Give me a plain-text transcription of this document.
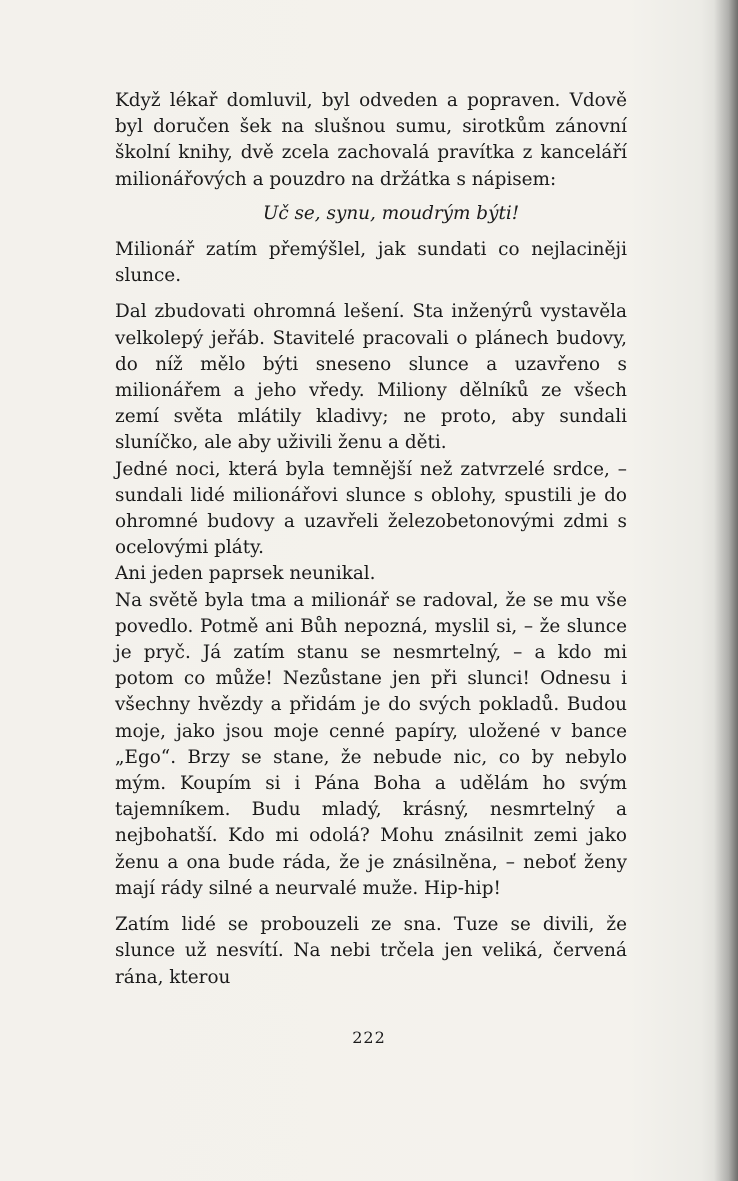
Když lékař domluvil, byl odveden a popraven. Vdově byl doručen šek na slušnou sumu, sirotkům zánovní školní knihy, dvě zcela zachovalá pravítka z kanceláří milionářových a pouzdro na držátka s nápisem:

Uč se, synu, moudrým býti!

Milionář zatím přemýšlel, jak sundati co nejlaciněji slunce.

Dal zbudovati ohromná lešení. Sta inženýrů vystavěla velkolepý jeřáb. Stavitelé pracovali o plánech budovy, do níž mělo býti sneseno slunce a uzavřeno s milionářem a jeho vředy. Miliony dělníků ze všech zemí světa mlátily kladivy; ne proto, aby sundali sluníčko, ale aby uživili ženu a děti.

Jedné noci, která byla temnější než zatvrzelé srdce, – sundali lidé milionářovi slunce s oblohy, spustili je do ohromné budovy a uzavřeli železobetonovými zdmi s ocelovými pláty.

Ani jeden paprsek neunikal.

Na světě byla tma a milionář se radoval, že se mu vše povedlo. Potmě ani Bůh nepozná, myslil si, – že slunce je pryč. Já zatím stanu se nesmrtelný, – a kdo mi potom co může! Nezůstane jen při slunci! Odnesu i všechny hvězdy a přidám je do svých pokladů. Budou moje, jako jsou moje cenné papíry, uložené v bance „Ego“. Brzy se stane, že nebude nic, co by nebylo mým. Koupím si i Pána Boha a udělám ho svým tajemníkem. Budu mladý, krásný, nesmrtelný a nejbohatší. Kdo mi odolá? Mohu znásilnit zemi jako ženu a ona bude ráda, že je znásilněna, – neboť ženy mají rády silné a neurvalé muže. Hip-hip!

Zatím lidé se probouzeli ze sna. Tuze se divili, že slunce už nesvítí. Na nebi trčela jen veliká, červená rána, kterou

222
